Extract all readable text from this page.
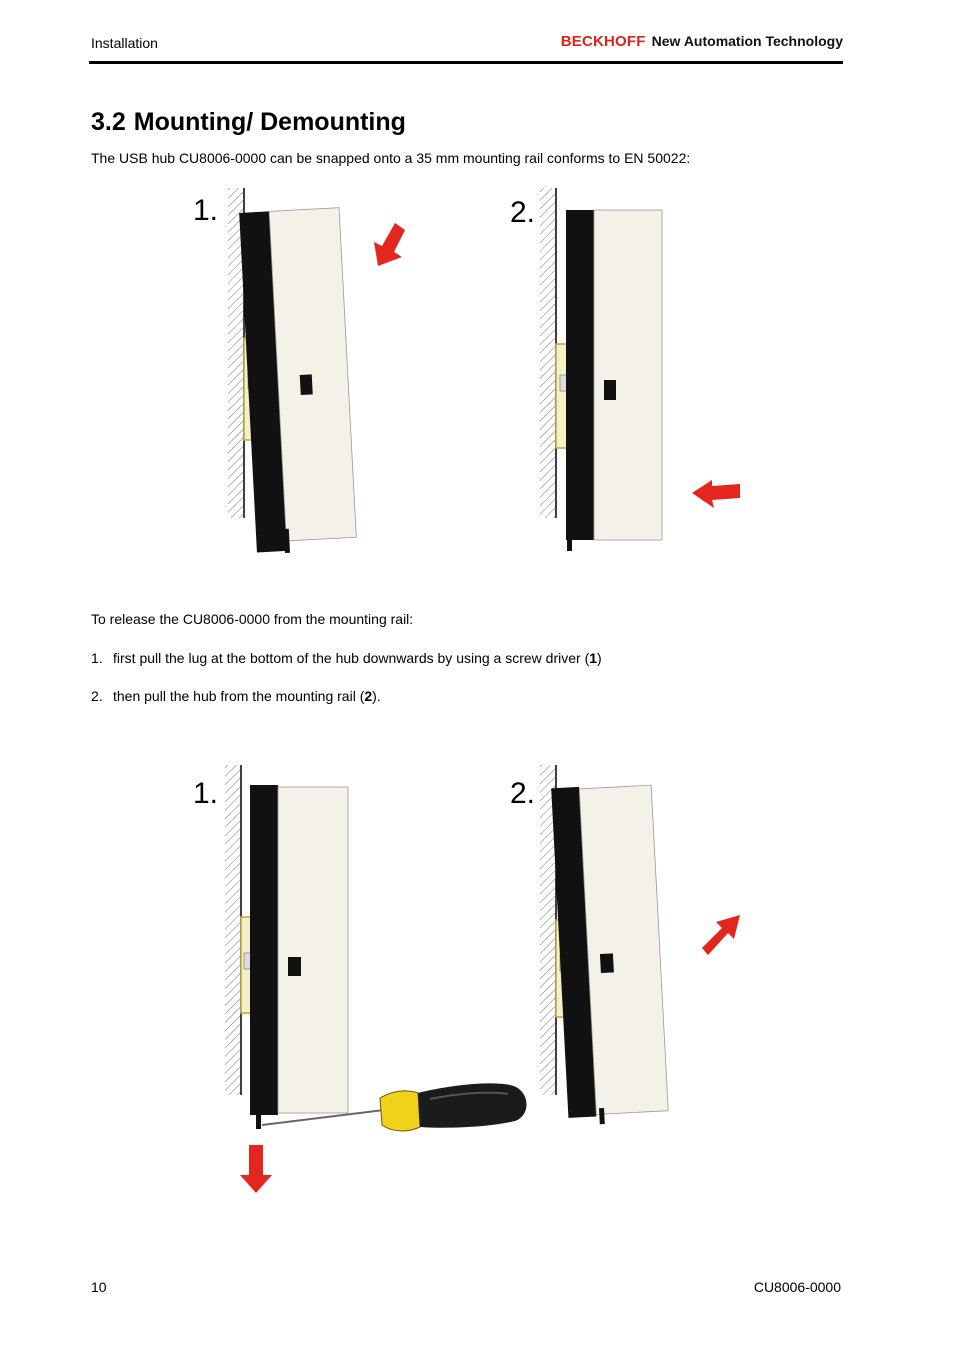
Installation	BECKHOFF New Automation Technology
3.2 Mounting/ Demounting
The USB hub CU8006-0000 can be snapped onto a 35 mm mounting rail conforms to EN 50022:
1.	2.
To release the CU8006-0000 from the mounting rail:
1. first pull the lug at the bottom of the hub downwards by using a screw driver (1)
2. then pull the hub from the mounting rail (2).
1.	2.
10	CU8006-0000
